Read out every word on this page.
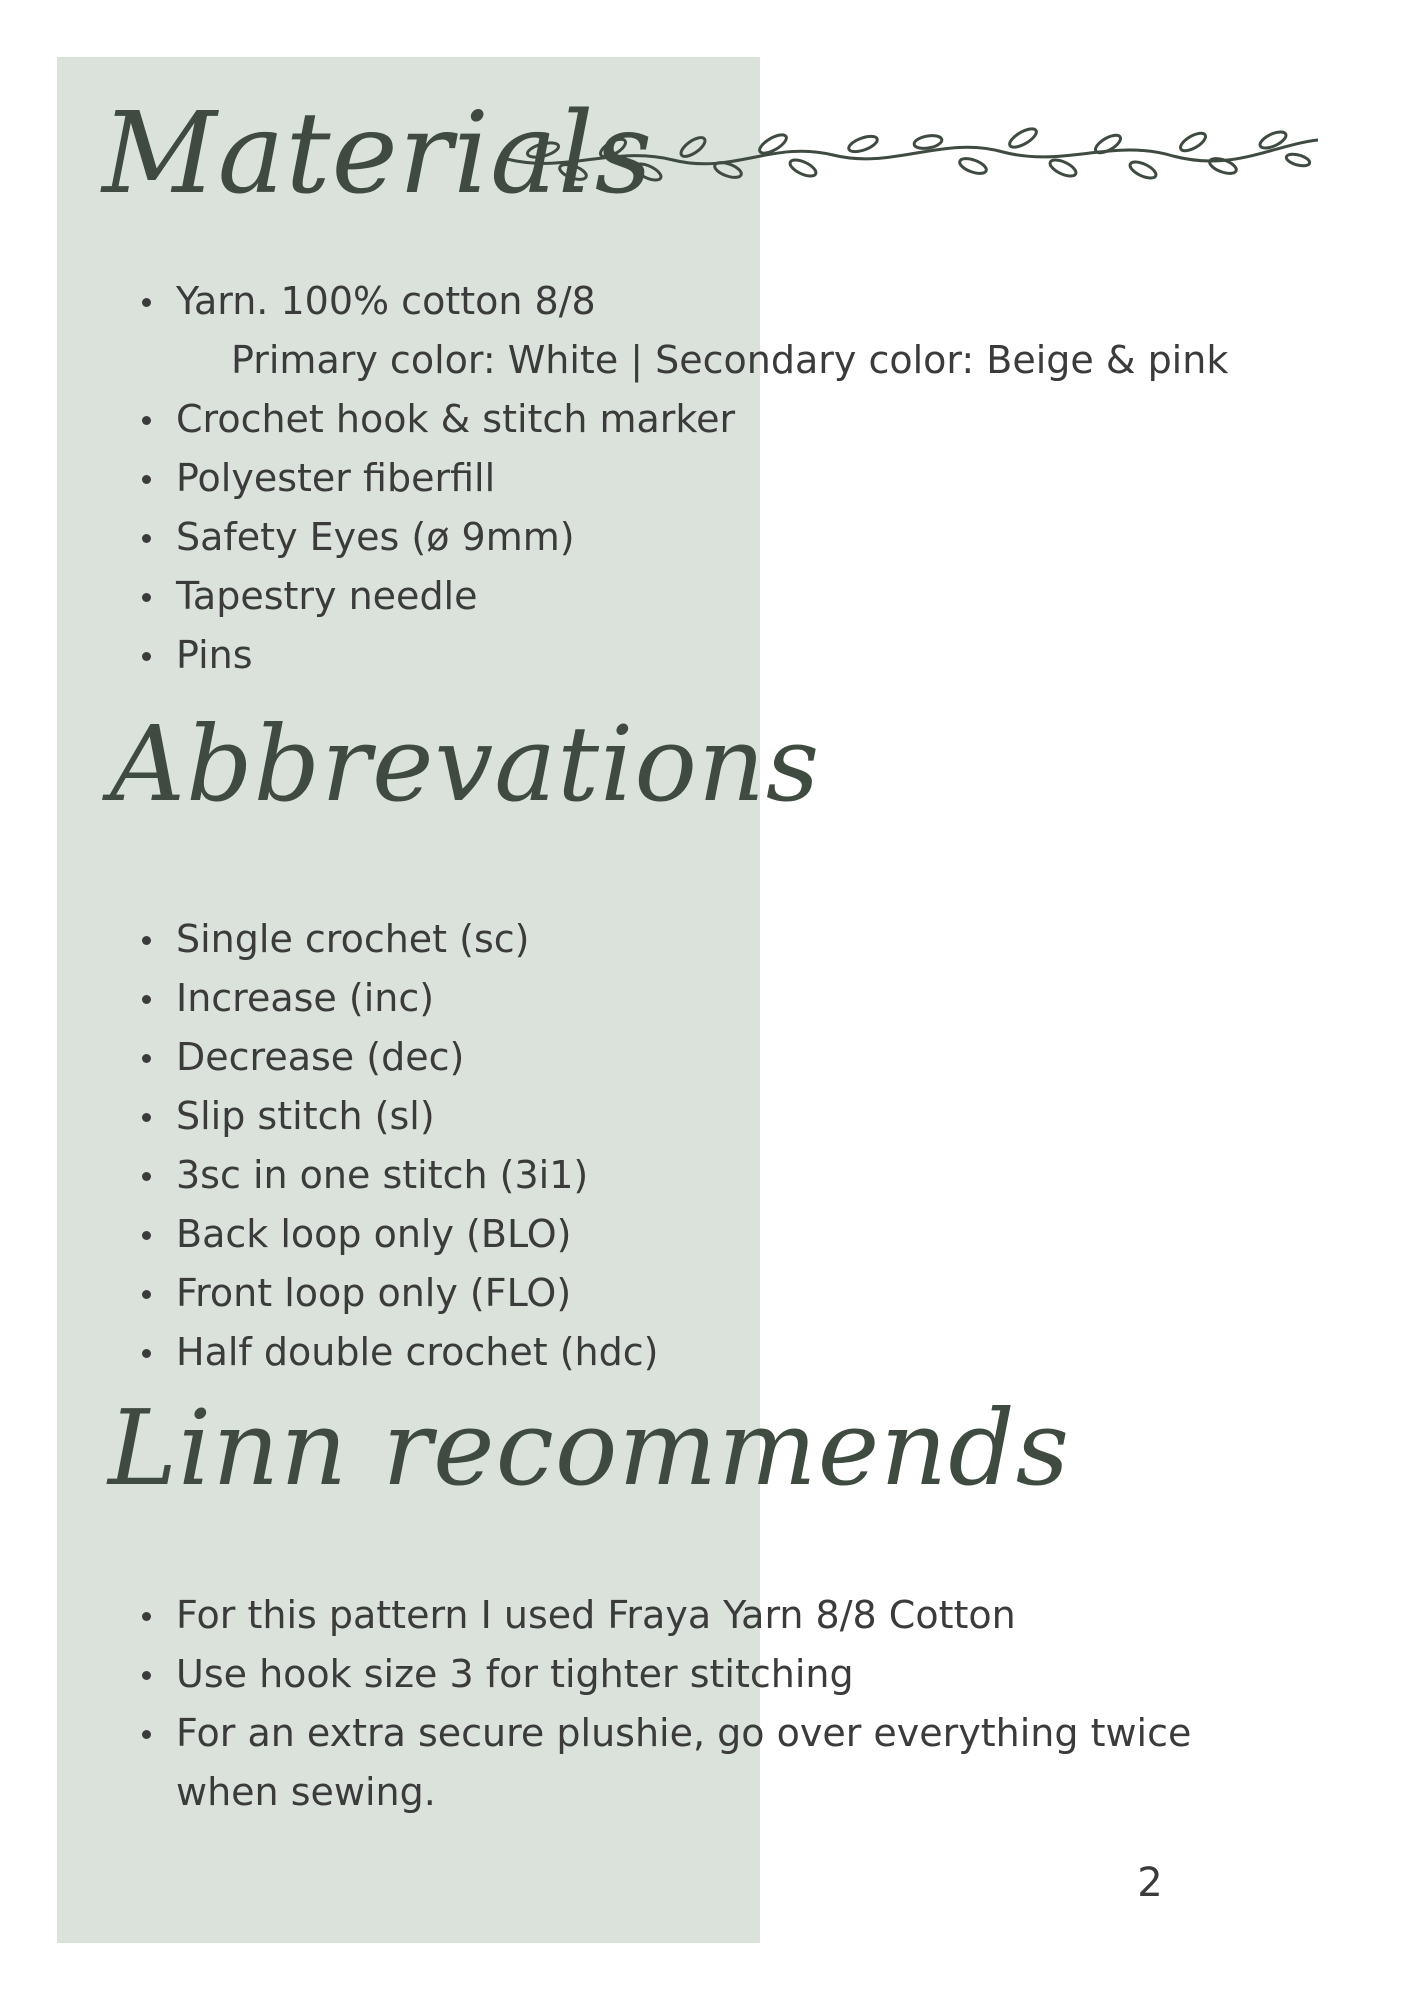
Materials
Yarn. 100% cotton 8/8
Primary color: White | Secondary color: Beige & pink
Crochet hook & stitch marker
Polyester fiberfill
Safety Eyes (ø 9mm)
Tapestry needle
Pins
Abbrevations
Single crochet (sc)
Increase (inc)
Decrease (dec)
Slip stitch (sl)
3sc in one stitch (3i1)
Back loop only (BLO)
Front loop only (FLO)
Half double crochet (hdc)
Linn recommends
For this pattern I used Fraya Yarn 8/8 Cotton
Use hook size 3 for tighter stitching
For an extra secure plushie, go over everything twice when sewing.
2
